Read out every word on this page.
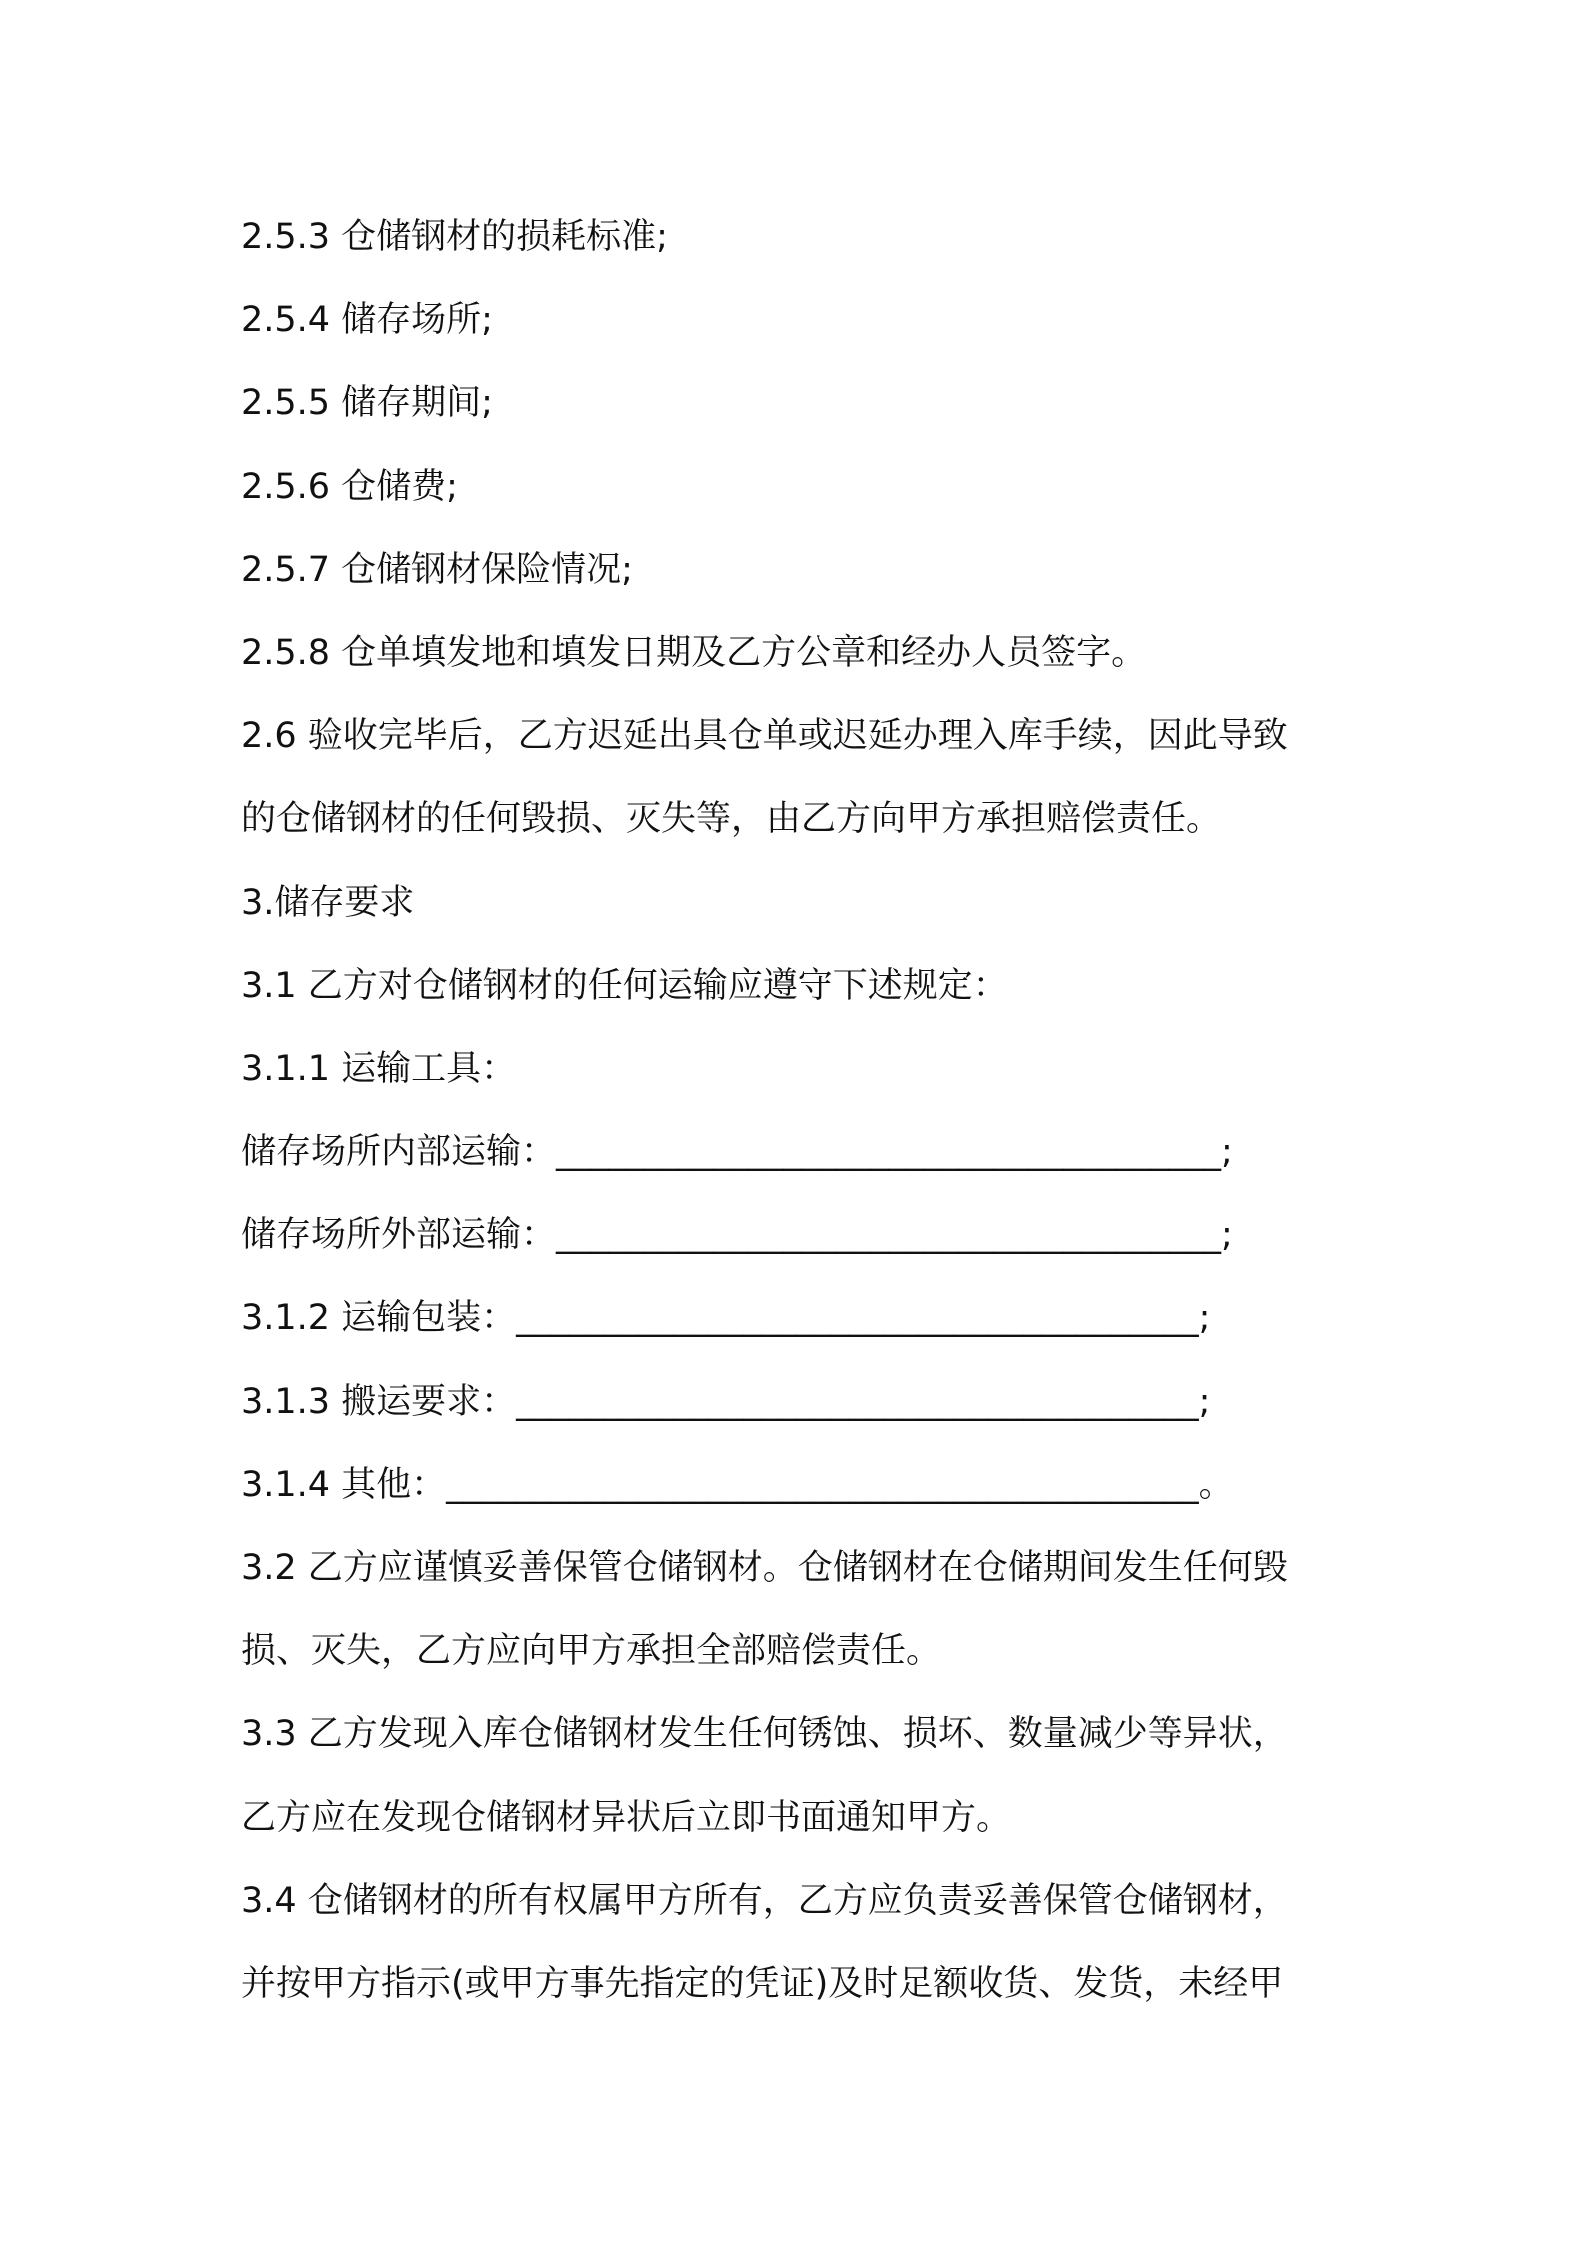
2.5.3 仓储钢材的损耗标准;
2.5.4 储存场所;
2.5.5 储存期间;
2.5.6 仓储费;
2.5.7 仓储钢材保险情况;
2.5.8 仓单填发地和填发日期及乙方公章和经办人员签字。
2.6 验收完毕后，乙方迟延出具仓单或迟延办理入库手续，因此导致
的仓储钢材的任何毁损、灭失等，由乙方向甲方承担赔偿责任。
3.储存要求
3.1 乙方对仓储钢材的任何运输应遵守下述规定：
3.1.1 运输工具：
储存场所内部运输：______________________________________;
储存场所外部运输：______________________________________;
3.1.2 运输包装：_______________________________________;
3.1.3 搬运要求：_______________________________________;
3.1.4 其他：___________________________________________。
3.2 乙方应谨慎妥善保管仓储钢材。仓储钢材在仓储期间发生任何毁
损、灭失，乙方应向甲方承担全部赔偿责任。
3.3 乙方发现入库仓储钢材发生任何锈蚀、损坏、数量减少等异状，
乙方应在发现仓储钢材异状后立即书面通知甲方。
3.4 仓储钢材的所有权属甲方所有，乙方应负责妥善保管仓储钢材，
并按甲方指示(或甲方事先指定的凭证)及时足额收货、发货，未经甲
